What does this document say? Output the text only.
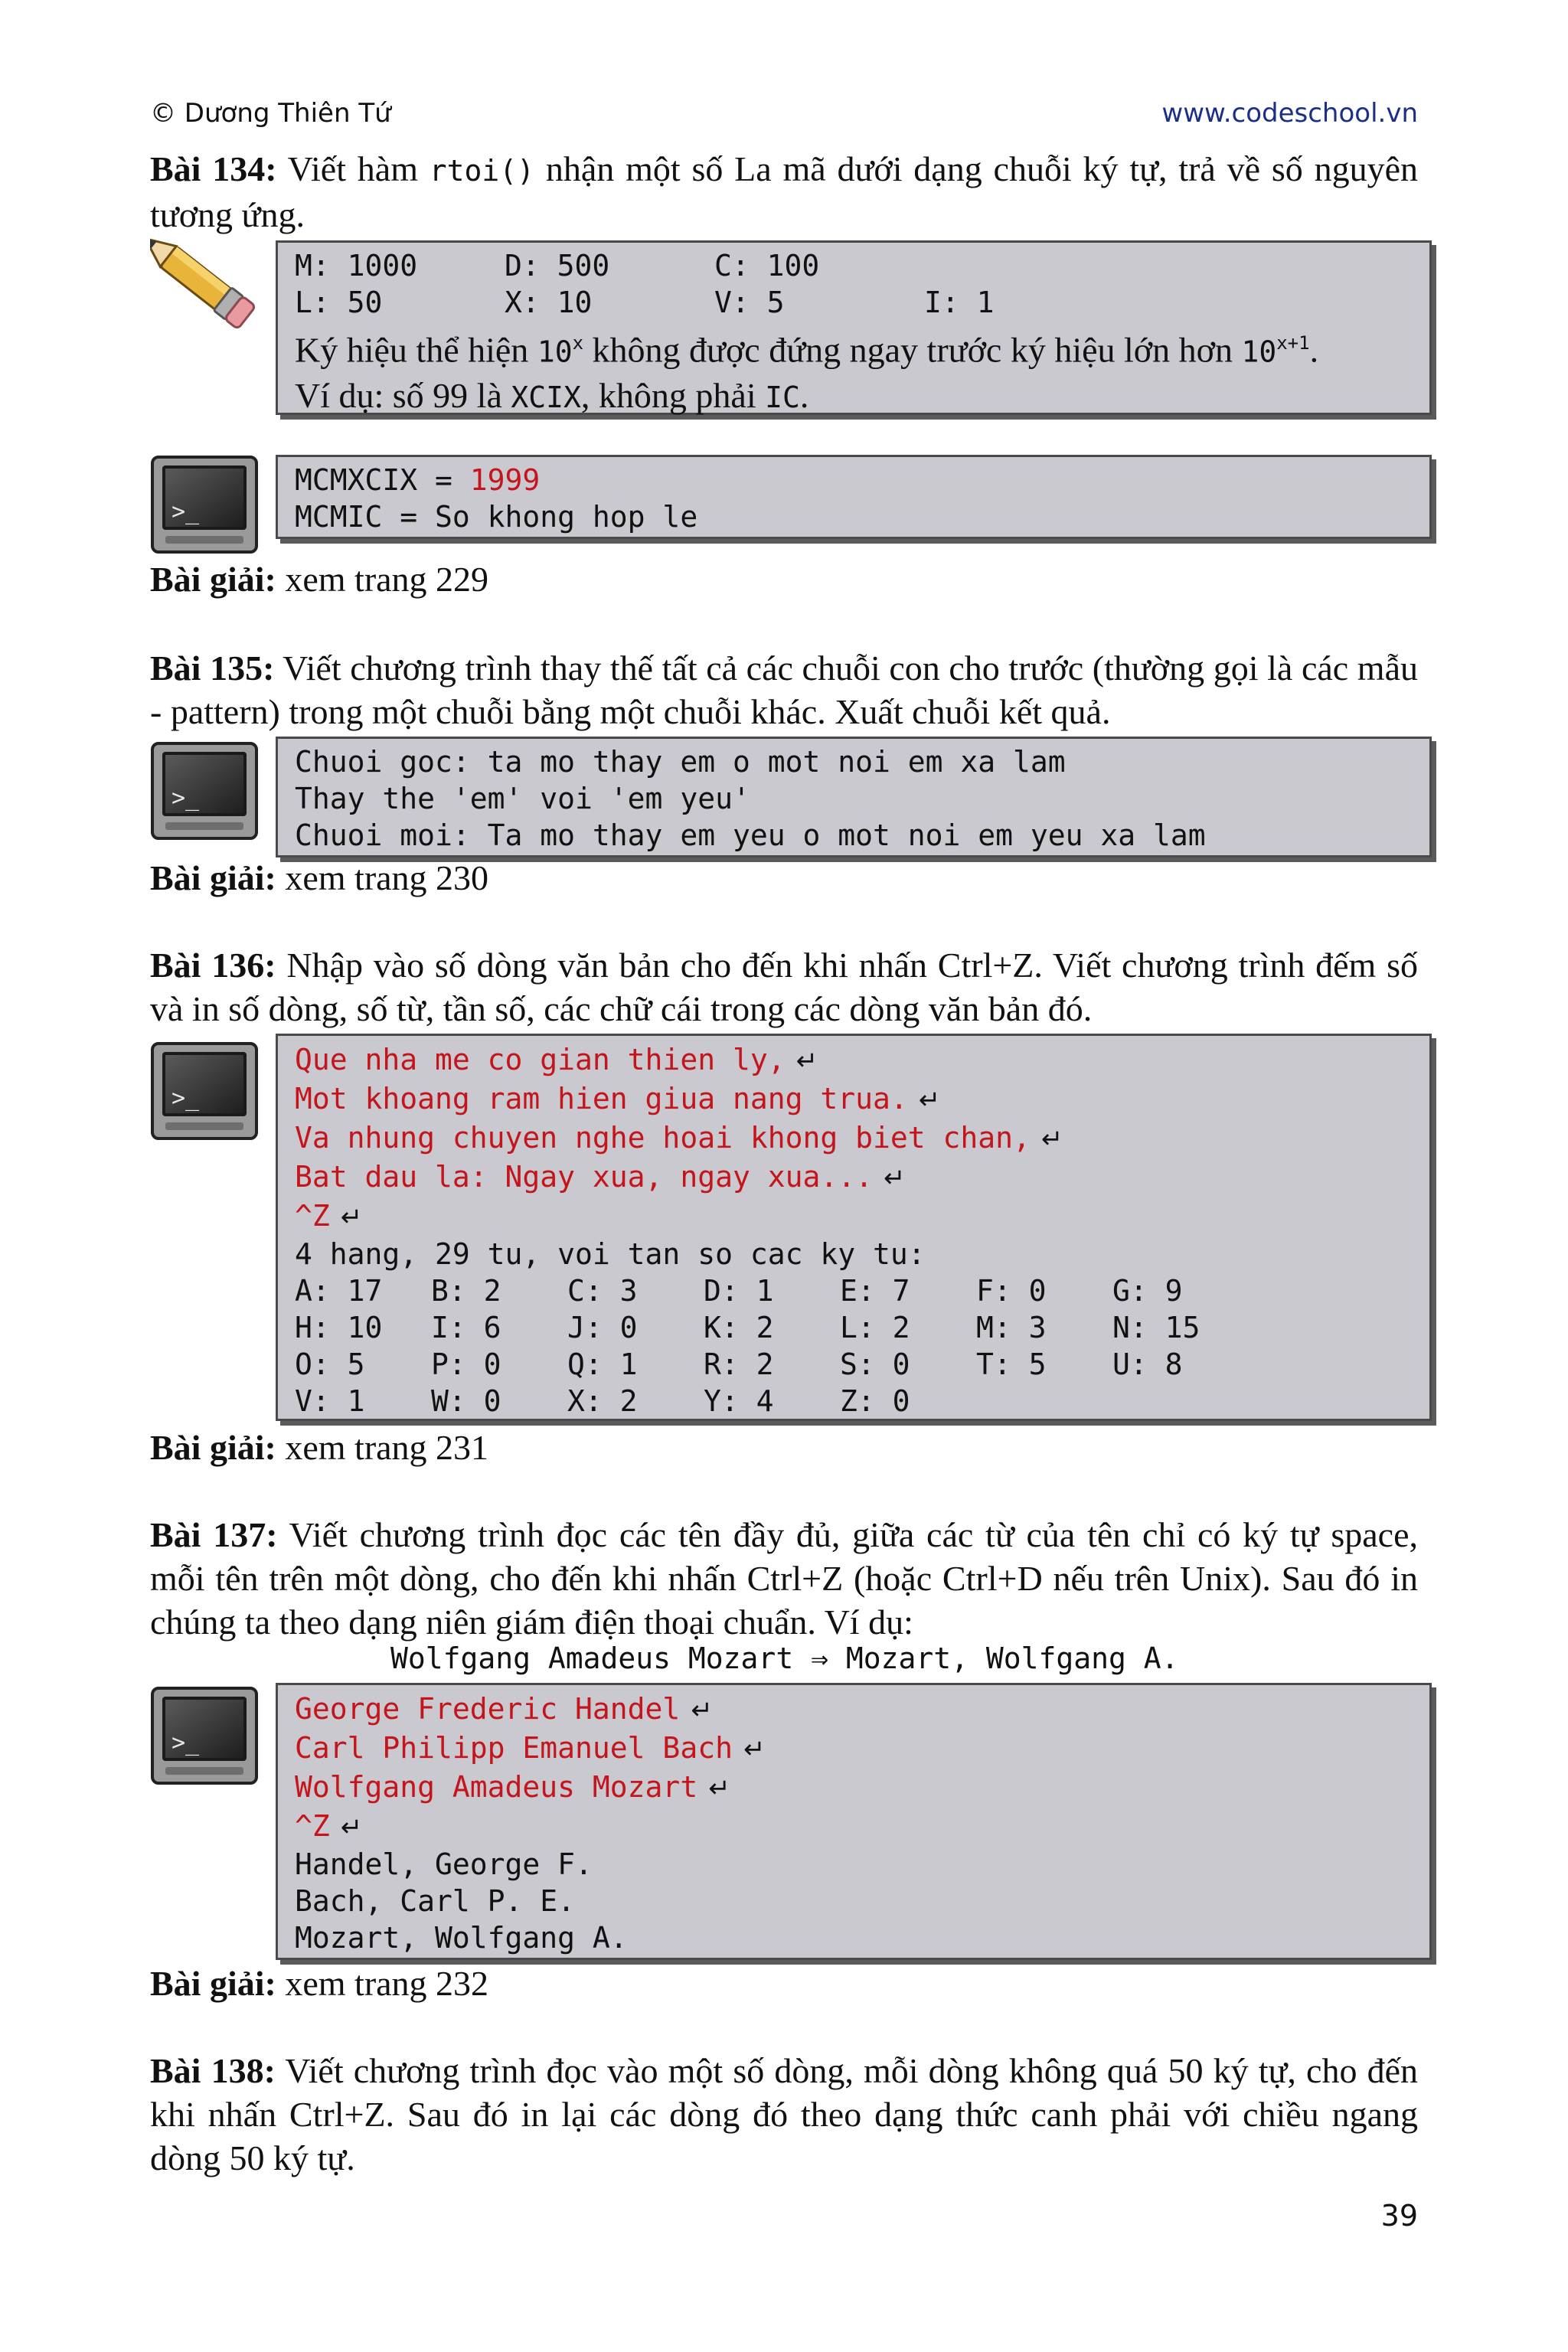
© Dương Thiên Tứ	www.codeschool.vn
Bài 134: Viết hàm rtoi() nhận một số La mã dưới dạng chuỗi ký tự, trả về số nguyên tương ứng.
M: 1000	D: 500	C: 100
L: 50	X: 10	V: 5	I: 1
Ký hiệu thể hiện 10$^x$ không được đứng ngay trước ký hiệu lớn hơn $10^{x+1}$.
Ví dụ: số 99 là XCIX, không phải IC.
>_
MCMXCIX = 1999
MCMIC = So khong hop le
Bài giải: xem trang 229
Bài 135: Viết chương trình thay thế tất cả các chuỗi con cho trước (thường gọi là các mẫu - pattern) trong một chuỗi bằng một chuỗi khác. Xuất chuỗi kết quả.
>_
Chuoi goc: ta mo thay em o mot noi em xa lam
Thay the 'em' voi 'em yeu'
Chuoi moi: Ta mo thay em yeu o mot noi em yeu xa lam
Bài giải: xem trang 230
Bài 136: Nhập vào số dòng văn bản cho đến khi nhấn Ctrl+Z. Viết chương trình đếm số và in số dòng, số từ, tần số, các chữ cái trong các dòng văn bản đó.
>_
Que nha me co gian thien ly, ↵
Mot khoang ram hien giua nang trua. ↵
Va nhung chuyen nghe hoai khong biet chan, ↵
Bat dau la: Ngay xua, ngay xua... ↵
^Z ↵
4 hang, 29 tu, voi tan so cac ky tu:
A: 17	B: 2	C: 3	D: 1	E: 7	F: 0	G: 9
H: 10	I: 6	J: 0	K: 2	L: 2	M: 3	N: 15
O: 5	P: 0	Q: 1	R: 2	S: 0	T: 5	U: 8
V: 1	W: 0	X: 2	Y: 4	Z: 0
Bài giải: xem trang 231
Bài 137: Viết chương trình đọc các tên đầy đủ, giữa các từ của tên chỉ có ký tự space, mỗi tên trên một dòng, cho đến khi nhấn Ctrl+Z (hoặc Ctrl+D nếu trên Unix). Sau đó in chúng ta theo dạng niên giám điện thoại chuẩn. Ví dụ:
Wolfgang Amadeus Mozart ⇒ Mozart, Wolfgang A.
>_
George Frederic Handel ↵
Carl Philipp Emanuel Bach ↵
Wolfgang Amadeus Mozart ↵
^Z ↵
Handel, George F.
Bach, Carl P. E.
Mozart, Wolfgang A.
Bài giải: xem trang 232
Bài 138: Viết chương trình đọc vào một số dòng, mỗi dòng không quá 50 ký tự, cho đến khi nhấn Ctrl+Z. Sau đó in lại các dòng đó theo dạng thức canh phải với chiều ngang dòng 50 ký tự.
39
